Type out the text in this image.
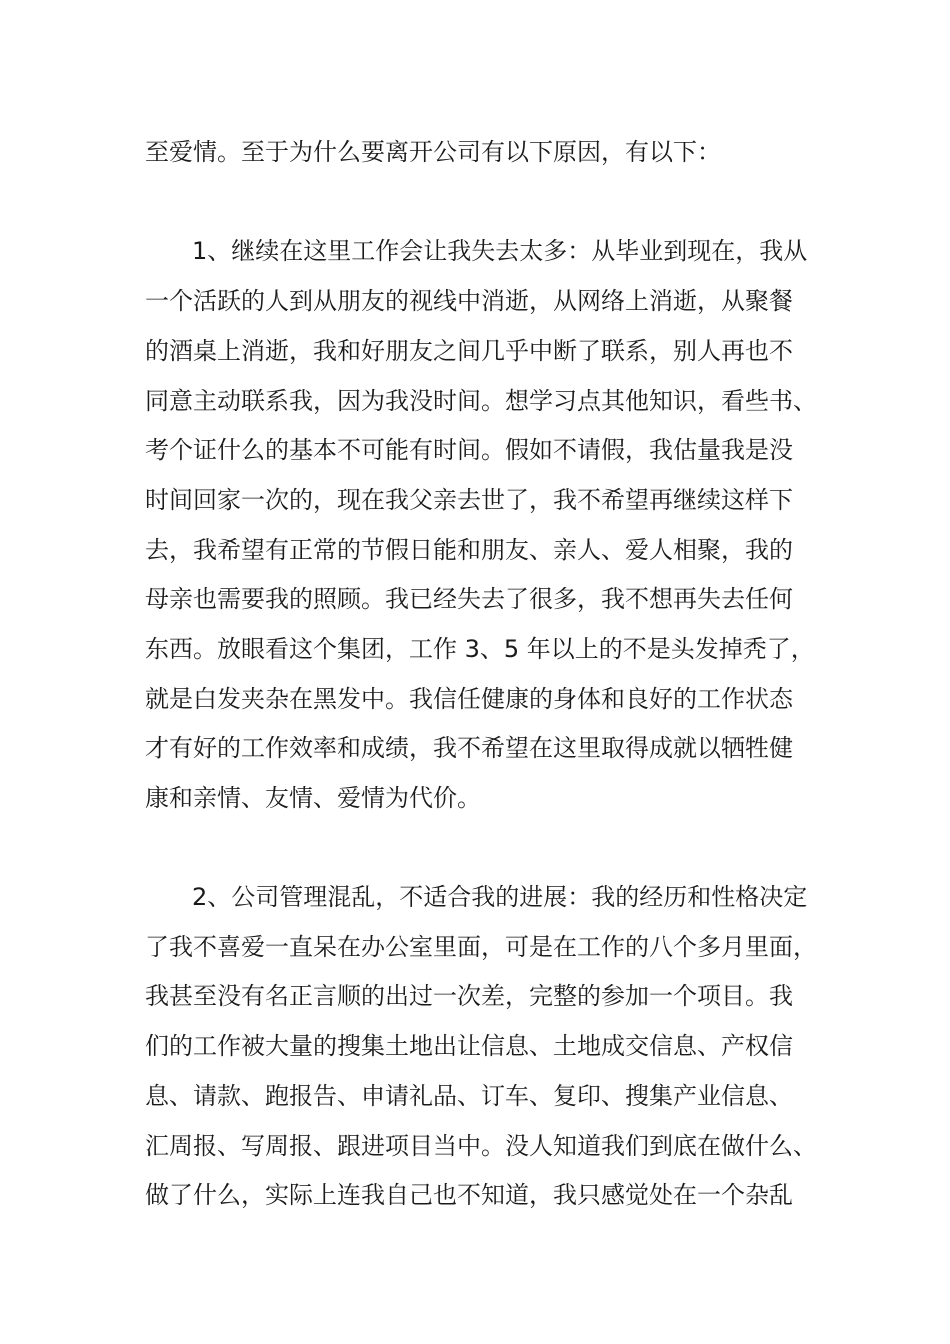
至爱情。至于为什么要离开公司有以下原因，有以下：
1、继续在这里工作会让我失去太多：从毕业到现在，我从
一个活跃的人到从朋友的视线中消逝，从网络上消逝，从聚餐
的酒桌上消逝，我和好朋友之间几乎中断了联系，别人再也不
同意主动联系我，因为我没时间。想学习点其他知识，看些书、
考个证什么的基本不可能有时间。假如不请假，我估量我是没
时间回家一次的，现在我父亲去世了，我不希望再继续这样下
去，我希望有正常的节假日能和朋友、亲人、爱人相聚，我的
母亲也需要我的照顾。我已经失去了很多，我不想再失去任何
东西。放眼看这个集团，工作 3、5 年以上的不是头发掉秃了，
就是白发夹杂在黑发中。我信任健康的身体和良好的工作状态
才有好的工作效率和成绩，我不希望在这里取得成就以牺牲健
康和亲情、友情、爱情为代价。
2、公司管理混乱，不适合我的进展：我的经历和性格决定
了我不喜爱一直呆在办公室里面，可是在工作的八个多月里面，
我甚至没有名正言顺的出过一次差，完整的参加一个项目。我
们的工作被大量的搜集土地出让信息、土地成交信息、产权信
息、请款、跑报告、申请礼品、订车、复印、搜集产业信息、
汇周报、写周报、跟进项目当中。没人知道我们到底在做什么、
做了什么，实际上连我自己也不知道，我只感觉处在一个杂乱
